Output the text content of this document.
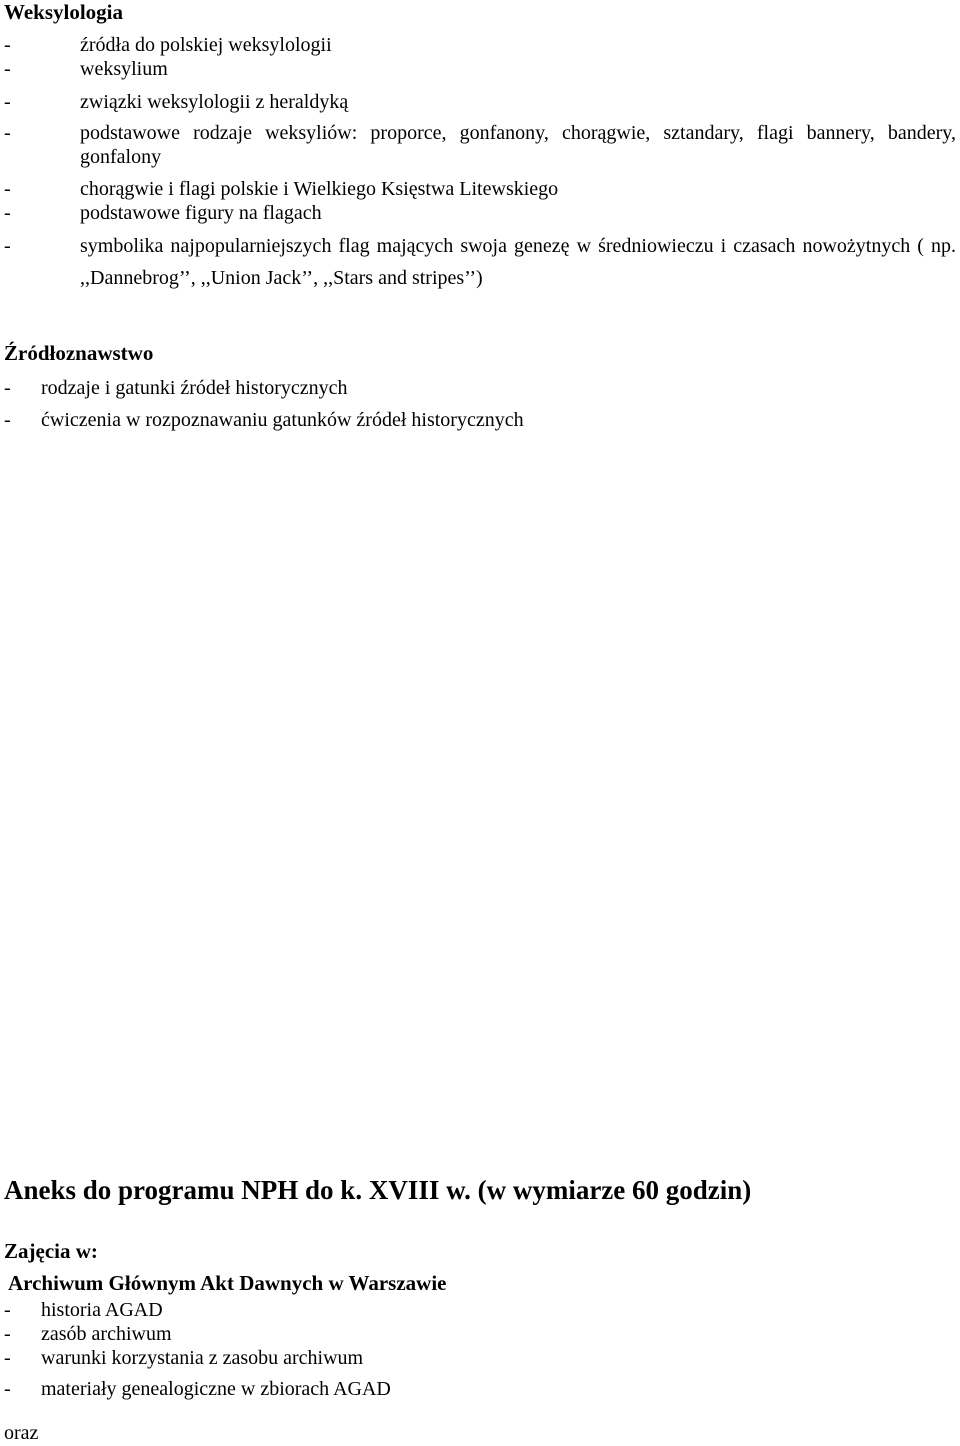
Weksylologia
-	źródła do polskiej weksylologii
-	weksylium
-	związki weksylologii z heraldyką
-	podstawowe rodzaje weksyliów: proporce, gonfanony, chorągwie, sztandary, flagi bannery, bandery, gonfalony
-	chorągwie i flagi polskie i Wielkiego Księstwa Litewskiego
-	podstawowe figury na flagach
-	symbolika najpopularniejszych flag mających swoja genezę w średniowieczu i czasach nowożytnych ( np. ,,Dannebrog’’, ,,Union Jack’’, ,,Stars and stripes’’)
Źródłoznawstwo
- rodzaje i gatunki źródeł historycznych
- ćwiczenia w rozpoznawaniu gatunków źródeł historycznych
Aneks do programu NPH do k. XVIII w. (w wymiarze 60 godzin)
Zajęcia w:
Archiwum Głównym Akt Dawnych w Warszawie
- historia AGAD
- zasób archiwum
- warunki korzystania z zasobu archiwum
- materiały genealogiczne w zbiorach AGAD
oraz
